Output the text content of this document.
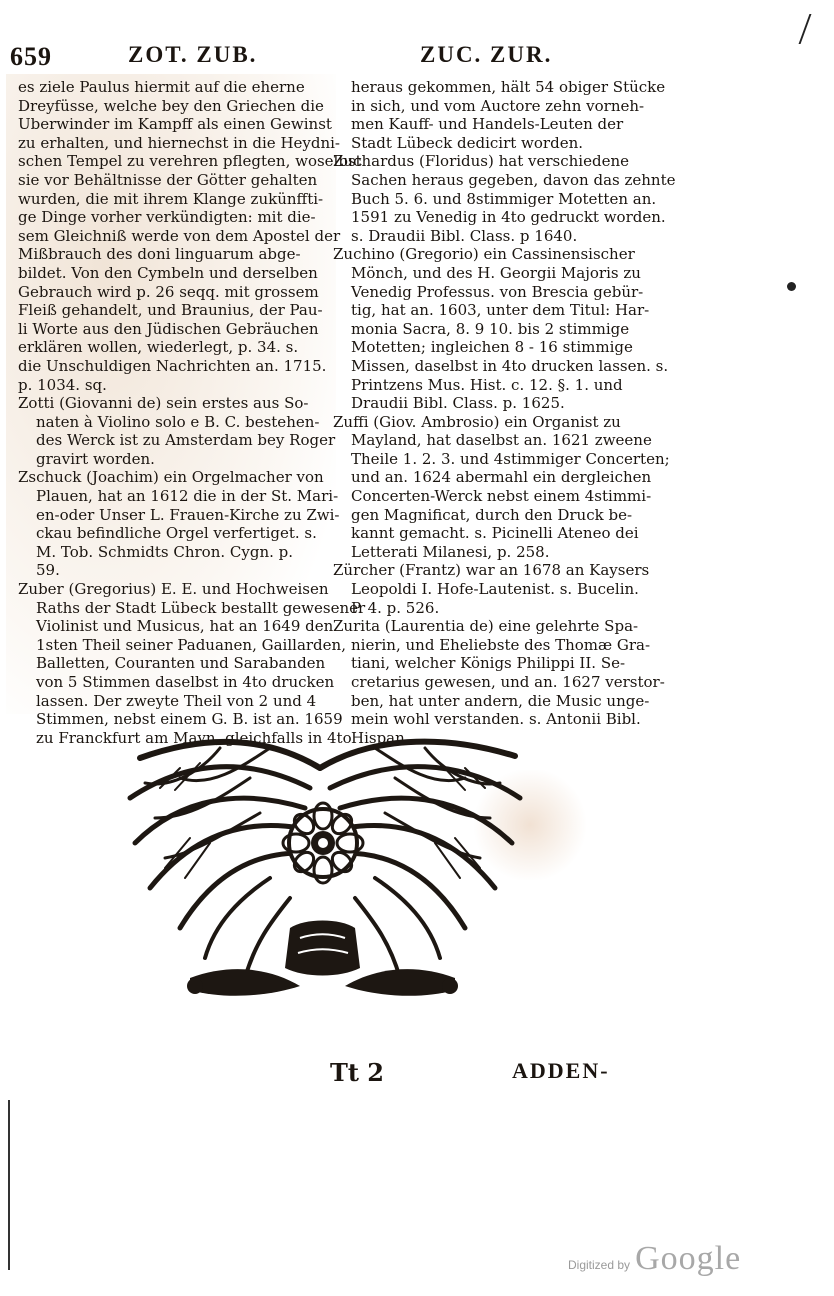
659	ZOT. ZUB.	ZUC. ZUR.
es ziele Paulus hiermit auf die eherne
Dreyfüsse, welche bey den Griechen die
Uberwinder im Kampff als einen Gewinst
zu erhalten, und hiernechst in die Heydni-
schen Tempel zu verehren pflegten, woselbst
sie vor Behältnisse der Götter gehalten
wurden, die mit ihrem Klange zukünffti-
ge Dinge vorher verkündigten: mit die-
sem Gleichniß werde von dem Apostel der
Mißbrauch des doni linguarum abge-
bildet. Von den Cymbeln und derselben
Gebrauch wird p. 26 seqq. mit grossem
Fleiß gehandelt, und Braunius, der Pau-
li Worte aus den Jüdischen Gebräuchen
erklären wollen, wiederlegt, p. 34. s.
die Unschuldigen Nachrichten an. 1715.
p. 1034. sq.
Zotti (Giovanni de) sein erstes aus So-
naten à Violino solo e B. C. bestehen-
des Werck ist zu Amsterdam bey Roger
gravirt worden.
Zschuck (Joachim) ein Orgelmacher von
Plauen, hat an 1612 die in der St. Mari-
en-oder Unser L. Frauen-Kirche zu Zwi-
ckau befindliche Orgel verfertiget. s.
M. Tob. Schmidts Chron. Cygn. p.
59.
Zuber (Gregorius) E. E. und Hochweisen
Raths der Stadt Lübeck bestallt gewesener
Violinist und Musicus, hat an 1649 den
1sten Theil seiner Paduanen, Gaillarden,
Balletten, Couranten und Sarabanden
von 5 Stimmen daselbst in 4to drucken
lassen. Der zweyte Theil von 2 und 4
Stimmen, nebst einem G. B. ist an. 1659
zu Franckfurt am Mayn, gleichfalls in 4to
heraus gekommen, hält 54 obiger Stücke
in sich, und vom Auctore zehn vorneh-
men Kauff- und Handels-Leuten der
Stadt Lübeck dedicirt worden.
Zuchardus (Floridus) hat verschiedene
Sachen heraus gegeben, davon das zehnte
Buch 5. 6. und 8stimmiger Motetten an.
1591 zu Venedig in 4to gedruckt worden.
s. Draudii Bibl. Class. p 1640.
Zuchino (Gregorio) ein Cassinensischer
Mönch, und des H. Georgii Majoris zu
Venedig Professus. von Brescia gebür-
tig, hat an. 1603, unter dem Titul: Har-
monia Sacra, 8. 9 10. bis 2 stimmige
Motetten; ingleichen 8 - 16 stimmige
Missen, daselbst in 4to drucken lassen. s.
Printzens Mus. Hist. c. 12. §. 1. und
Draudii Bibl. Class. p. 1625.
Zuffi (Giov. Ambrosio) ein Organist zu
Mayland, hat daselbst an. 1621 zweene
Theile 1. 2. 3. und 4stimmiger Concerten;
und an. 1624 abermahl ein dergleichen
Concerten-Werck nebst einem 4stimmi-
gen Magnificat, durch den Druck be-
kannt gemacht. s. Picinelli Ateneo dei
Letterati Milanesi, p. 258.
Zürcher (Frantz) war an 1678 an Kaysers
Leopoldi I. Hofe-Lautenist. s. Bucelin.
P. 4. p. 526.
Zurita (Laurentia de) eine gelehrte Spa-
nierin, und Eheliebste des Thomæ Gra-
tiani, welcher Königs Philippi II. Se-
cretarius gewesen, und an. 1627 verstor-
ben, hat unter andern, die Music unge-
mein wohl verstanden. s. Antonii Bibl.
Hispan.
Tt 2	ADDEN-
Digitized by Google
